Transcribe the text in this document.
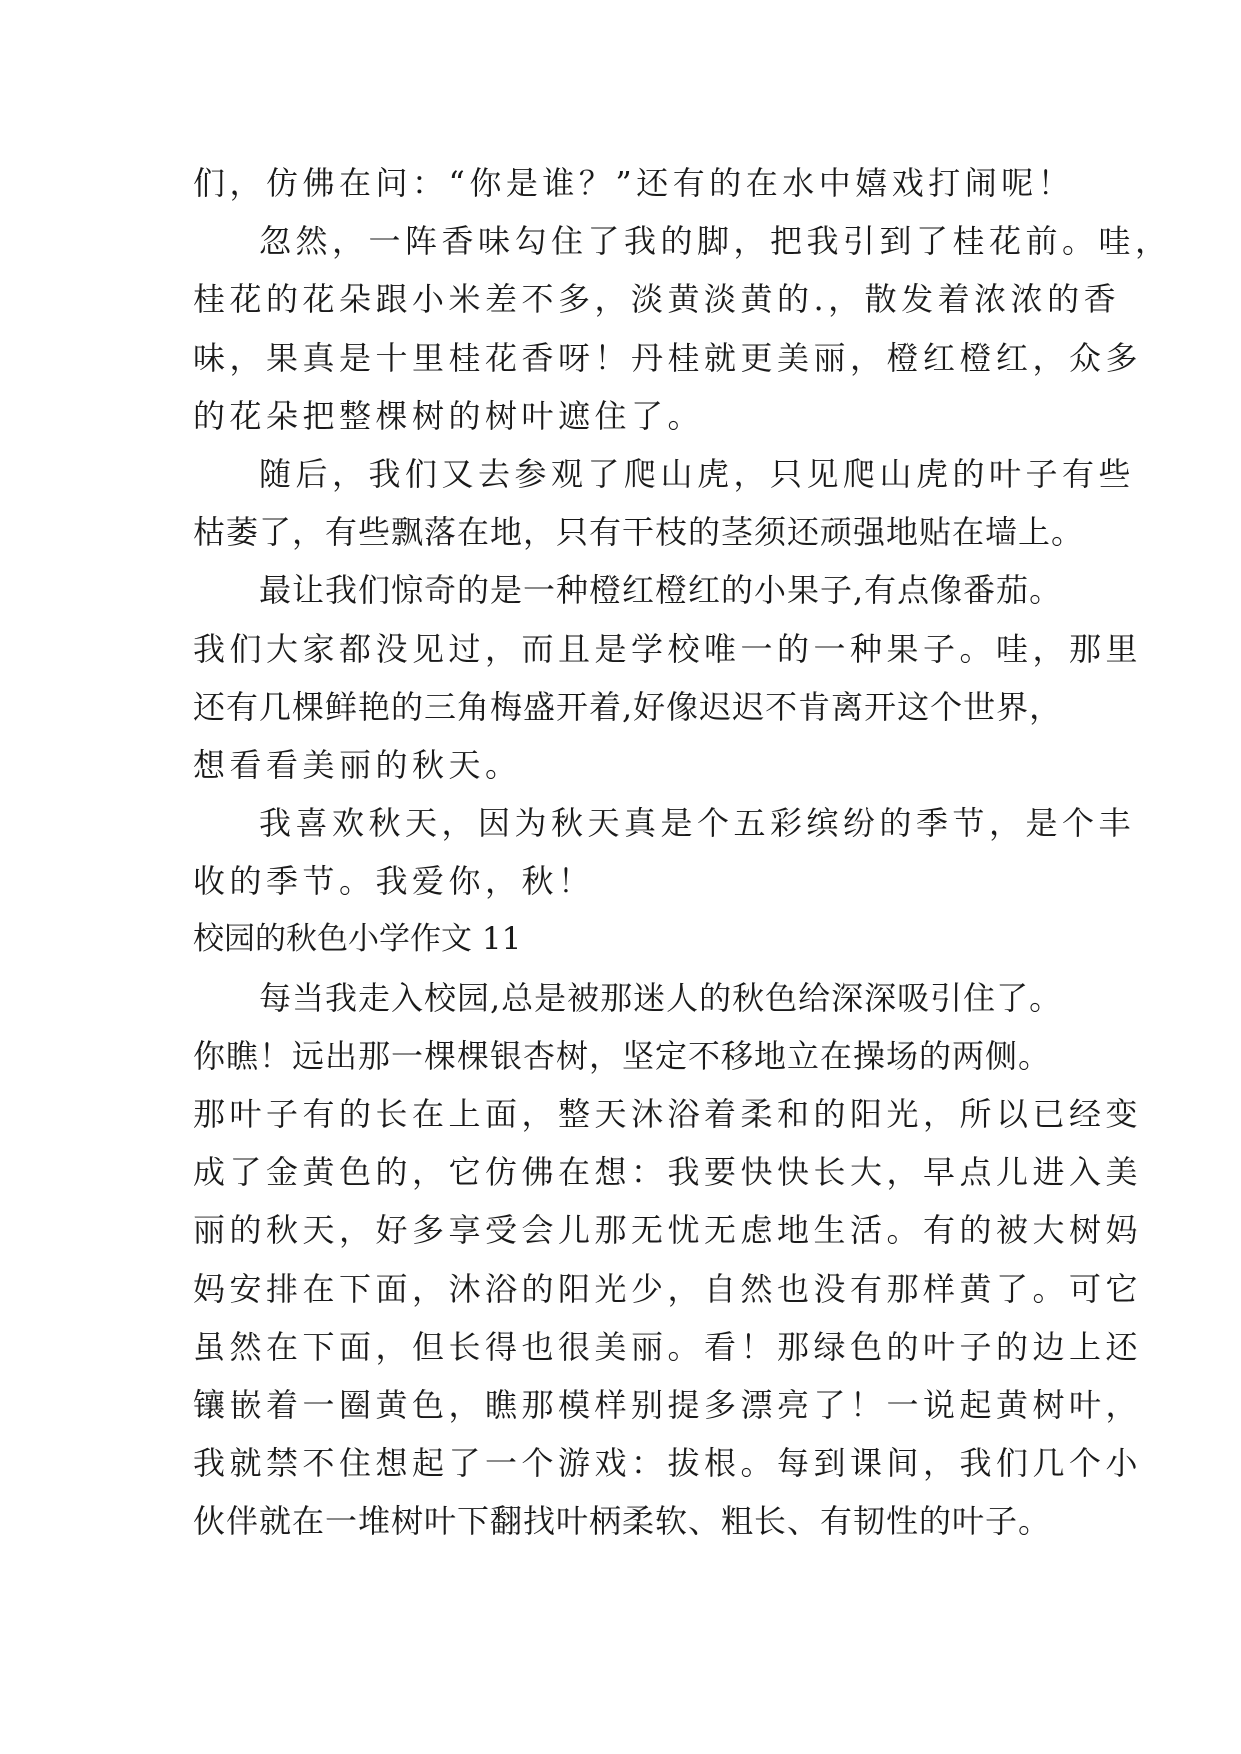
们，仿佛在问：“你是谁？”还有的在水中嬉戏打闹呢！
忽然，一阵香味勾住了我的脚，把我引到了桂花前。哇，
桂花的花朵跟小米差不多，淡黄淡黄的.，散发着浓浓的香
味，果真是十里桂花香呀！丹桂就更美丽，橙红橙红，众多
的花朵把整棵树的树叶遮住了。
随后，我们又去参观了爬山虎，只见爬山虎的叶子有些
枯萎了，有些飘落在地，只有干枝的茎须还顽强地贴在墙上。
最让我们惊奇的是一种橙红橙红的小果子,有点像番茄。
我们大家都没见过，而且是学校唯一的一种果子。哇，那里
还有几棵鲜艳的三角梅盛开着,好像迟迟不肯离开这个世界，
想看看美丽的秋天。
我喜欢秋天，因为秋天真是个五彩缤纷的季节，是个丰
收的季节。我爱你，秋！
校园的秋色小学作文 11
每当我走入校园,总是被那迷人的秋色给深深吸引住了。
你瞧！远出那一棵棵银杏树，坚定不移地立在操场的两侧。
那叶子有的长在上面，整天沐浴着柔和的阳光，所以已经变
成了金黄色的，它仿佛在想：我要快快长大，早点儿进入美
丽的秋天，好多享受会儿那无忧无虑地生活。有的被大树妈
妈安排在下面，沐浴的阳光少，自然也没有那样黄了。可它
虽然在下面，但长得也很美丽。看！那绿色的叶子的边上还
镶嵌着一圈黄色，瞧那模样别提多漂亮了！一说起黄树叶，
我就禁不住想起了一个游戏：拔根。每到课间，我们几个小
伙伴就在一堆树叶下翻找叶柄柔软、粗长、有韧性的叶子。
